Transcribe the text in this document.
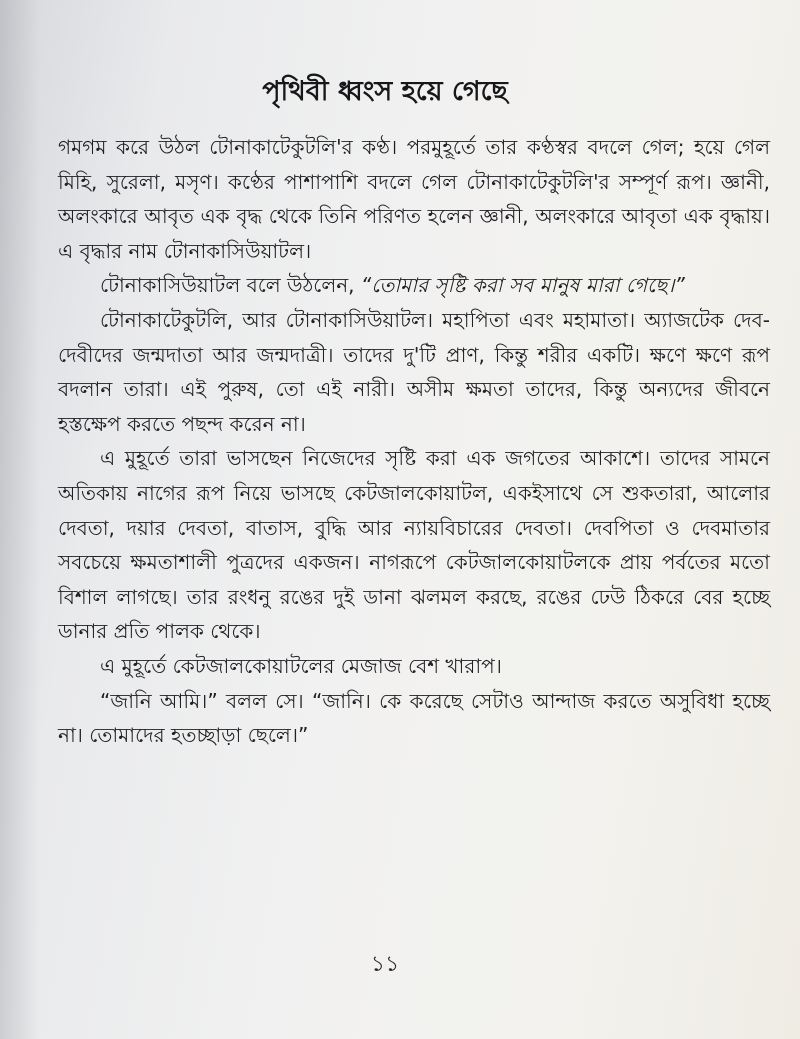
পৃথিবী ধ্বংস হয়ে গেছে

গমগম করে উঠল টোনাকাটেকুটলি'র কণ্ঠ। পরমুহূর্তে তার কণ্ঠস্বর বদলে গেল; হয়ে গেল মিহি, সুরেলা, মসৃণ। কণ্ঠের পাশাপাশি বদলে গেল টোনাকাটেকুটলি'র সম্পূর্ণ রূপ। জ্ঞানী, অলংকারে আবৃত এক বৃদ্ধ থেকে তিনি পরিণত হলেন জ্ঞানী, অলংকারে আবৃতা এক বৃদ্ধায়। এ বৃদ্ধার নাম টোনাকাসিউয়াটল।

টোনাকাসিউয়াটল বলে উঠলেন, “তোমার সৃষ্টি করা সব মানুষ মারা গেছে।”

টোনাকাটেকুটলি, আর টোনাকাসিউয়াটল। মহাপিতা এবং মহামাতা। অ্যাজটেক দেব-দেবীদের জন্মদাতা আর জন্মদাত্রী। তাদের দু'টি প্রাণ, কিন্তু শরীর একটি। ক্ষণে ক্ষণে রূপ বদলান তারা। এই পুরুষ, তো এই নারী। অসীম ক্ষমতা তাদের, কিন্তু অন্যদের জীবনে হস্তক্ষেপ করতে পছন্দ করেন না।

এ মুহূর্তে তারা ভাসছেন নিজেদের সৃষ্টি করা এক জগতের আকাশে। তাদের সামনে অতিকায় নাগের রূপ নিয়ে ভাসছে কেটজালকোয়াটল, একইসাথে সে শুকতারা, আলোর দেবতা, দয়ার দেবতা, বাতাস, বুদ্ধি আর ন্যায়বিচারের দেবতা। দেবপিতা ও দেবমাতার সবচেয়ে ক্ষমতাশালী পুত্রদের একজন। নাগরূপে কেটজালকোয়াটলকে প্রায় পর্বতের মতো বিশাল লাগছে। তার রংধনু রঙের দুই ডানা ঝলমল করছে, রঙের ঢেউ ঠিকরে বের হচ্ছে ডানার প্রতি পালক থেকে।

এ মুহূর্তে কেটজালকোয়াটলের মেজাজ বেশ খারাপ।

“জানি আমি।” বলল সে। “জানি। কে করেছে সেটাও আন্দাজ করতে অসুবিধা হচ্ছে না। তোমাদের হতচ্ছাড়া ছেলে।”

১১
